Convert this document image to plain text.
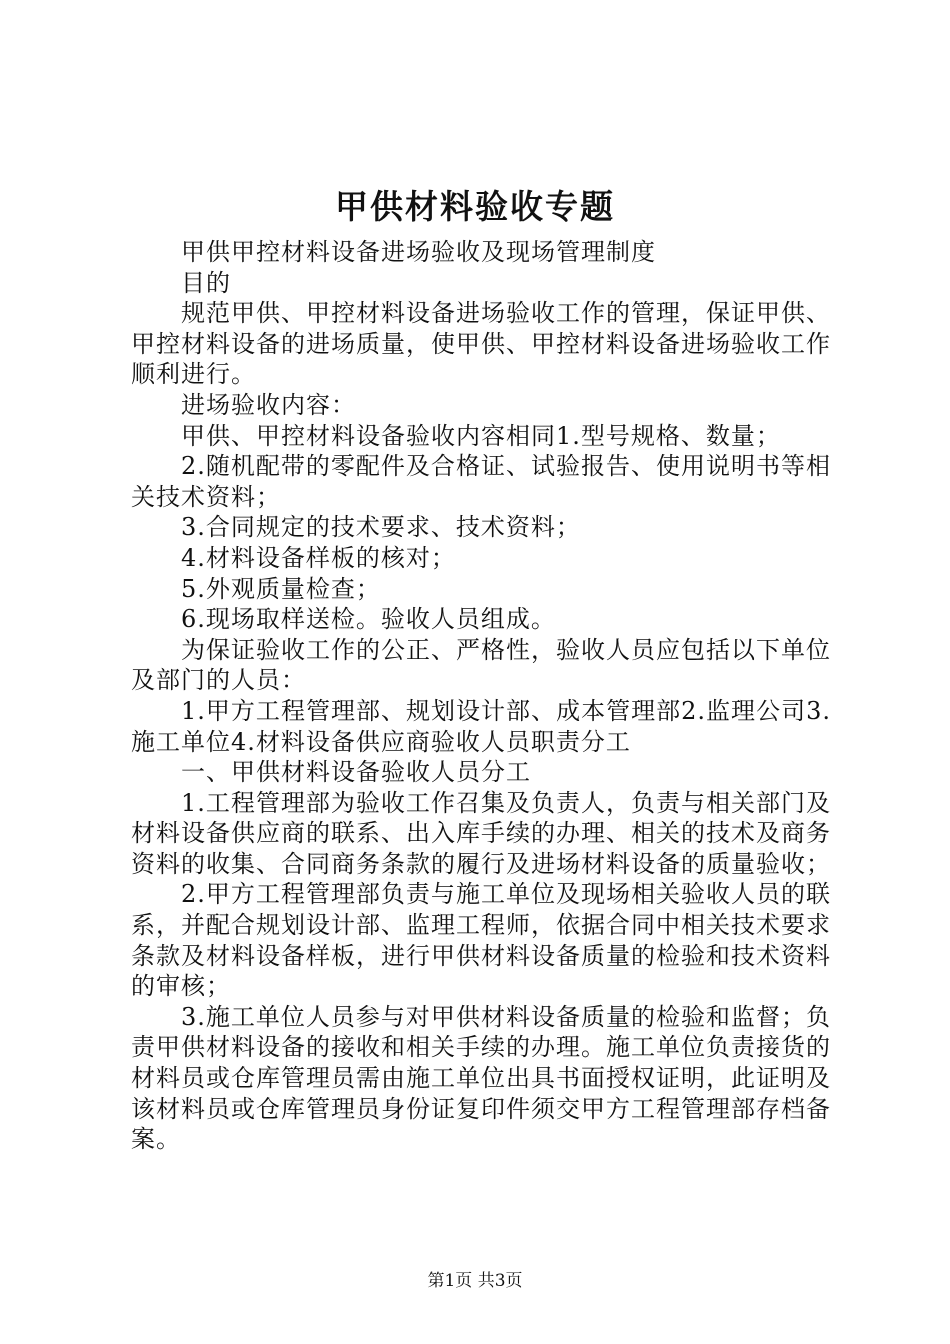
甲供材料验收专题

甲供甲控材料设备进场验收及现场管理制度

目的

规范甲供、甲控材料设备进场验收工作的管理，保证甲供、甲控材料设备的进场质量，使甲供、甲控材料设备进场验收工作顺利进行。

进场验收内容：

甲供、甲控材料设备验收内容相同1.型号规格、数量；

2.随机配带的零配件及合格证、试验报告、使用说明书等相关技术资料；

3.合同规定的技术要求、技术资料；

4.材料设备样板的核对；

5.外观质量检查；

6.现场取样送检。验收人员组成。

为保证验收工作的公正、严格性，验收人员应包括以下单位及部门的人员：

1.甲方工程管理部、规划设计部、成本管理部2.监理公司3.施工单位4.材料设备供应商验收人员职责分工

一、甲供材料设备验收人员分工

1.工程管理部为验收工作召集及负责人，负责与相关部门及材料设备供应商的联系、出入库手续的办理、相关的技术及商务资料的收集、合同商务条款的履行及进场材料设备的质量验收；

2.甲方工程管理部负责与施工单位及现场相关验收人员的联系，并配合规划设计部、监理工程师，依据合同中相关技术要求条款及材料设备样板，进行甲供材料设备质量的检验和技术资料的审核；

3.施工单位人员参与对甲供材料设备质量的检验和监督；负责甲供材料设备的接收和相关手续的办理。施工单位负责接货的材料员或仓库管理员需由施工单位出具书面授权证明，此证明及该材料员或仓库管理员身份证复印件须交甲方工程管理部存档备案。

第1页 共3页
